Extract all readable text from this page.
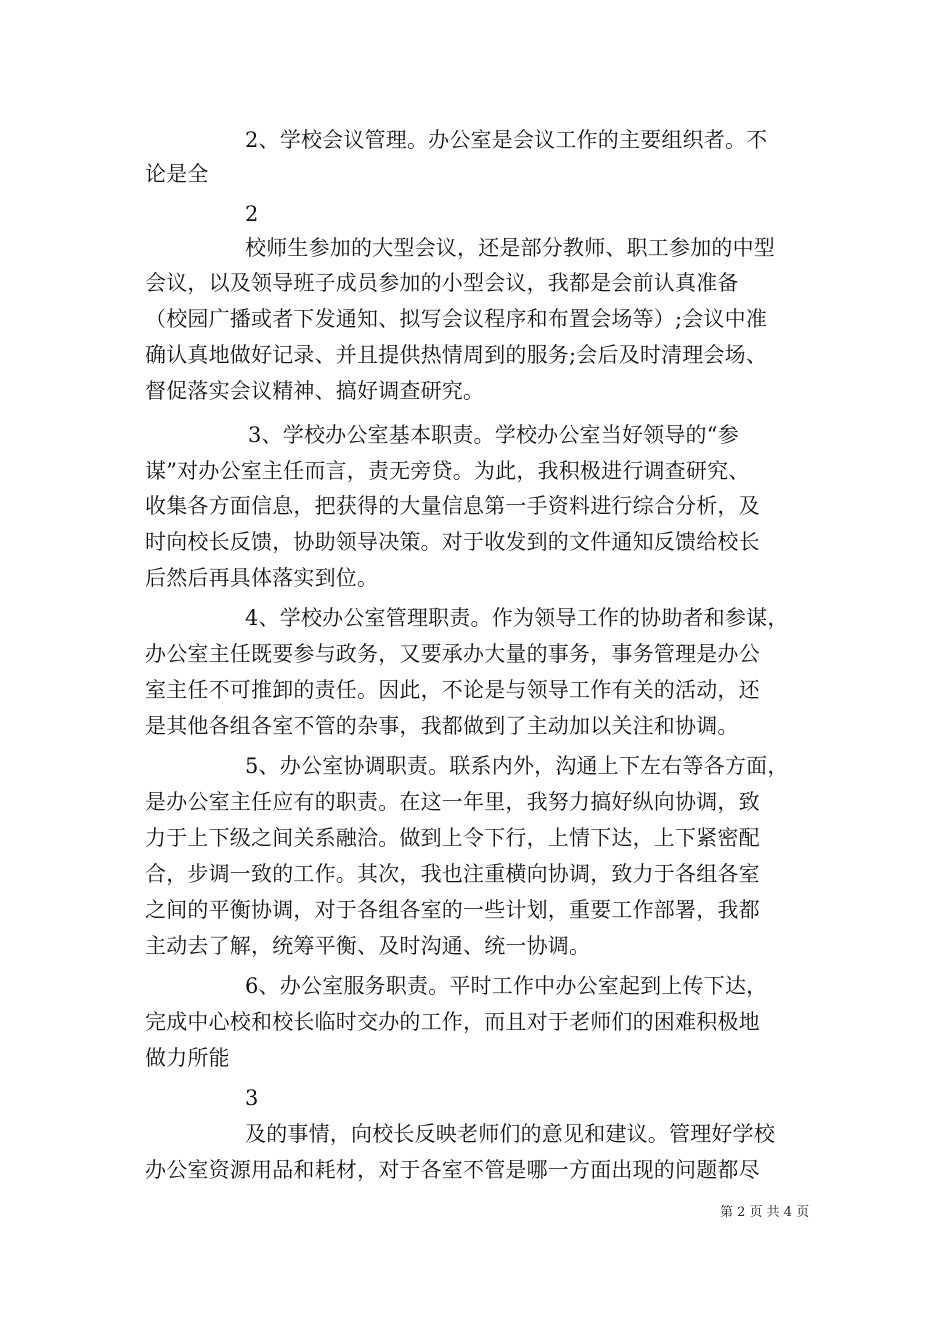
2、学校会议管理。办公室是会议工作的主要组织者。不
论是全
2
校师生参加的大型会议，还是部分教师、职工参加的中型
会议，以及领导班子成员参加的小型会议，我都是会前认真准备
（校园广播或者下发通知、拟写会议程序和布置会场等）;会议中准
确认真地做好记录、并且提供热情周到的服务;会后及时清理会场、
督促落实会议精神、搞好调查研究。
3、学校办公室基本职责。学校办公室当好领导的“参
谋”对办公室主任而言，责无旁贷。为此，我积极进行调查研究、
收集各方面信息，把获得的大量信息第一手资料进行综合分析，及
时向校长反馈，协助领导决策。对于收发到的文件通知反馈给校长
后然后再具体落实到位。
4、学校办公室管理职责。作为领导工作的协助者和参谋，
办公室主任既要参与政务，又要承办大量的事务，事务管理是办公
室主任不可推卸的责任。因此，不论是与领导工作有关的活动，还
是其他各组各室不管的杂事，我都做到了主动加以关注和协调。
5、办公室协调职责。联系内外，沟通上下左右等各方面，
是办公室主任应有的职责。在这一年里，我努力搞好纵向协调，致
力于上下级之间关系融洽。做到上令下行，上情下达，上下紧密配
合，步调一致的工作。其次，我也注重横向协调，致力于各组各室
之间的平衡协调，对于各组各室的一些计划，重要工作部署，我都
主动去了解，统筹平衡、及时沟通、统一协调。
6、办公室服务职责。平时工作中办公室起到上传下达，
完成中心校和校长临时交办的工作，而且对于老师们的困难积极地
做力所能
3
及的事情，向校长反映老师们的意见和建议。管理好学校
办公室资源用品和耗材，对于各室不管是哪一方面出现的问题都尽
第 2 页 共 4 页
